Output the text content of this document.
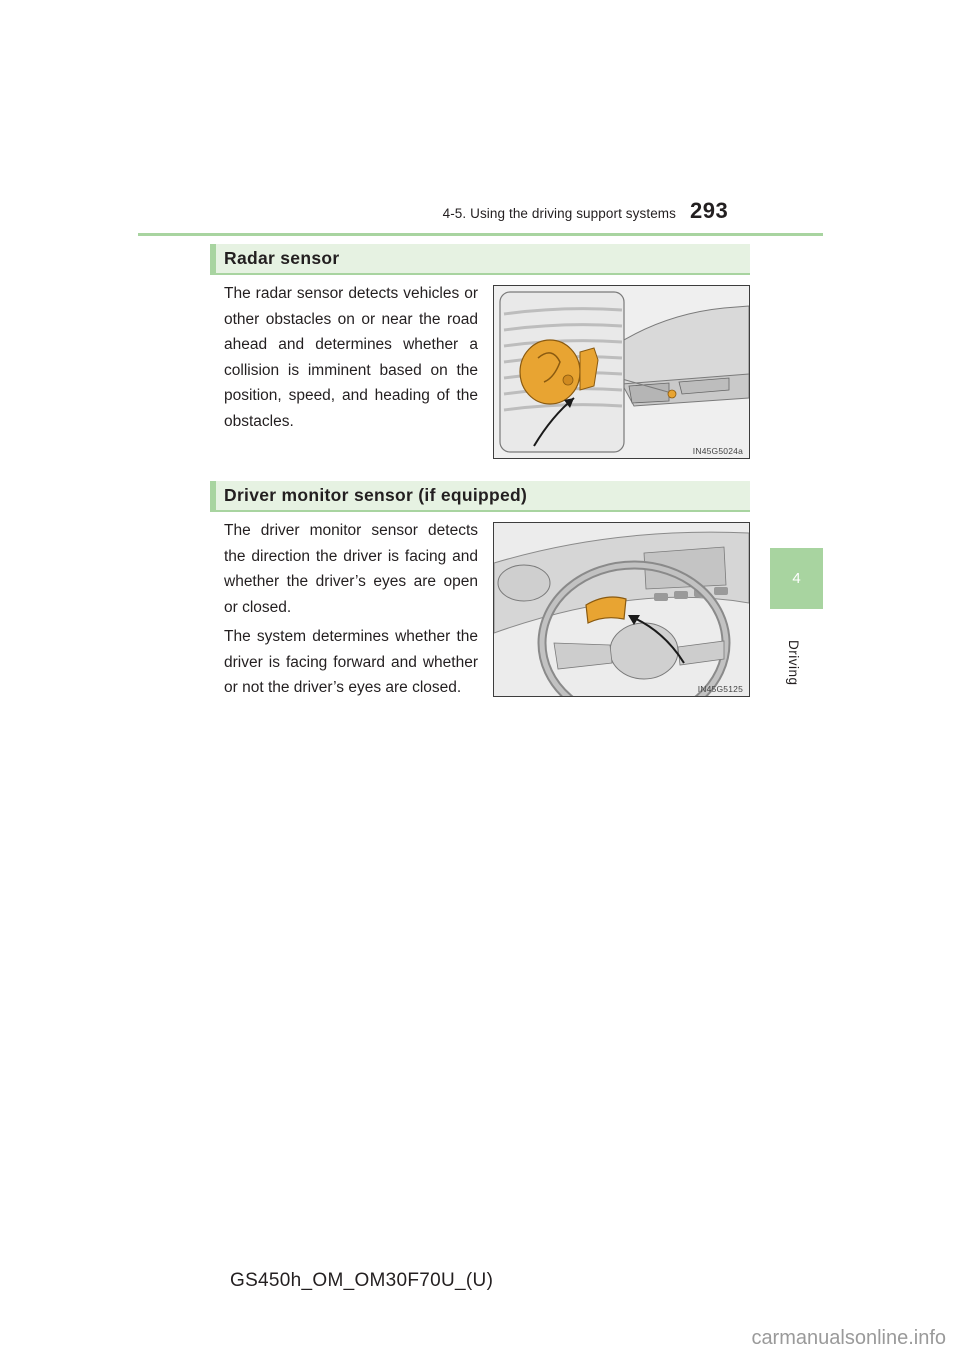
4-5. Using the driving support systems 293
4
Driving
Radar sensor

The radar sensor detects vehicles or other obstacles on or near the road ahead and determines whether a collision is imminent based on the position, speed, and heading of the obstacles.

IN45G5024a
Driver monitor sensor (if equipped)

The driver monitor sensor detects the direction the driver is facing and whether the driver’s eyes are open or closed.

The system determines whether the driver is facing forward and whether or not the driver’s eyes are closed.	IN45G5125
GS450h_OM_OM30F70U_(U)
carmanualsonline.info
